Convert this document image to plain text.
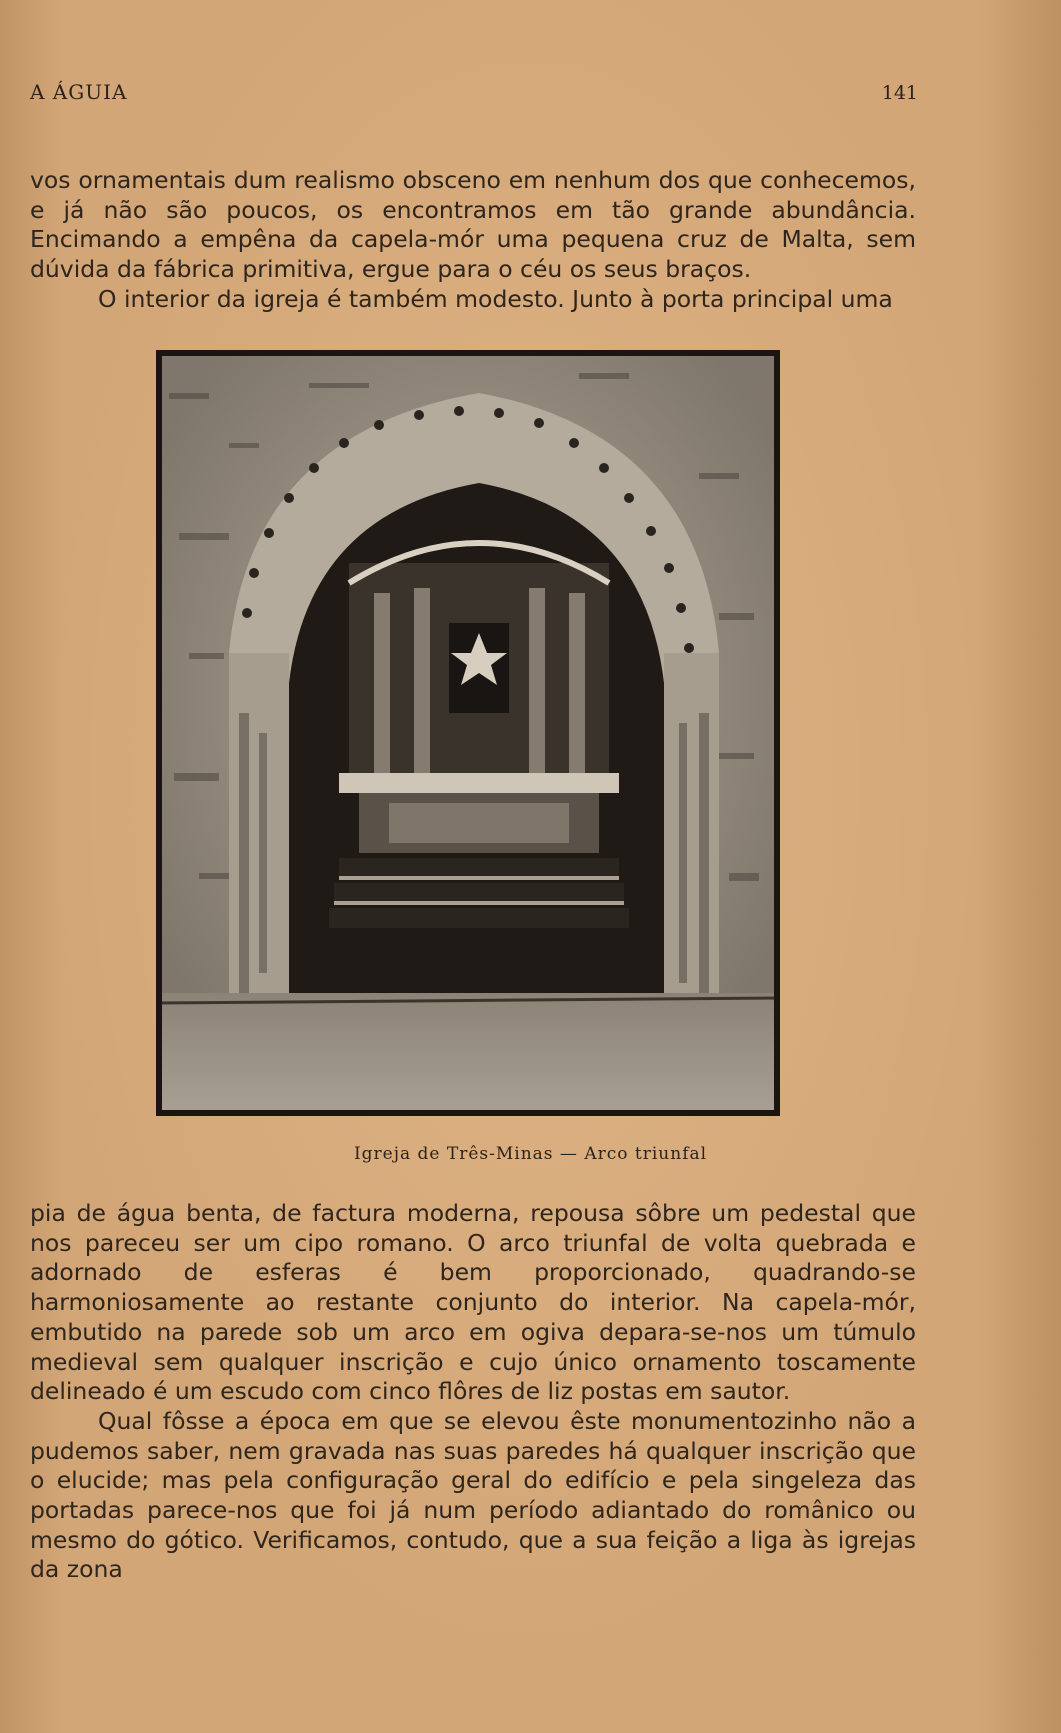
A ÁGUIA	141

vos ornamentais dum realismo obsceno em nenhum dos que conhecemos, e já não são poucos, os encontramos em tão grande abundância. Encimando a empêna da capela-mór uma pequena cruz de Malta, sem dúvida da fábrica primitiva, ergue para o céu os seus braços.

O interior da igreja é também modesto. Junto à porta principal uma

Igreja de Três-Minas — Arco triunfal

pia de água benta, de factura moderna, repousa sôbre um pedestal que nos pareceu ser um cipo romano. O arco triunfal de volta quebrada e adornado de esferas é bem proporcionado, quadrando-se harmoniosamente ao restante conjunto do interior. Na capela-mór, embutido na parede sob um arco em ogiva depara-se-nos um túmulo medieval sem qualquer inscrição e cujo único ornamento toscamente delineado é um escudo com cinco flôres de liz postas em sautor.

Qual fôsse a época em que se elevou êste monumentozinho não a pudemos saber, nem gravada nas suas paredes há qualquer inscrição que o elucide; mas pela configuração geral do edifício e pela singeleza das portadas parece-nos que foi já num período adiantado do românico ou mesmo do gótico. Verificamos, contudo, que a sua feição a liga às igrejas da zona
